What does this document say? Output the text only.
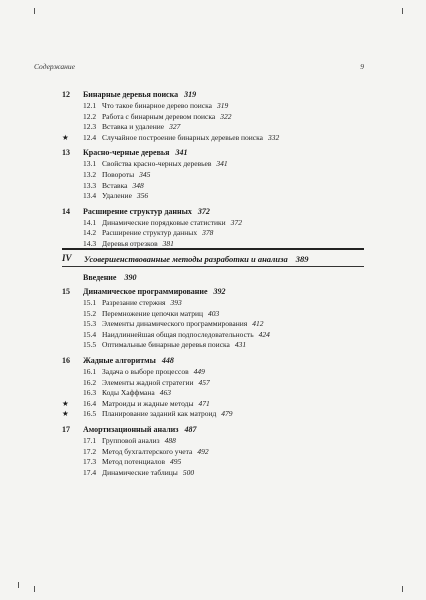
Содержание	9
12 Бинарные деревья поиска 319
12.1 Что такое бинарное дерево поиска 319
12.2 Работа с бинарным деревом поиска 322
12.3 Вставка и удаление 327
★ 12.4 Случайное построение бинарных деревьев поиска 332
13 Красно-черные деревья 341
13.1 Свойства красно-черных деревьев 341
13.2 Повороты 345
13.3 Вставка 348
13.4 Удаление 356
14 Расширение структур данных 372
14.1 Динамические порядковые статистики 372
14.2 Расширение структур данных 378
14.3 Деревья отрезков 381
IV Усовершенствованные методы разработки и анализа 389
Введение 390
15 Динамическое программирование 392
15.1 Разрезание стержня 393
15.2 Перемножение цепочки матриц 403
15.3 Элементы динамического программирования 412
15.4 Наидлиннейшая общая подпоследовательность 424
15.5 Оптимальные бинарные деревья поиска 431
16 Жадные алгоритмы 448
16.1 Задача о выборе процессов 449
16.2 Элементы жадной стратегии 457
16.3 Коды Хаффмана 463
★ 16.4 Матроиды и жадные методы 471
★ 16.5 Планирование заданий как матроид 479
17 Амортизационный анализ 487
17.1 Групповой анализ 488
17.2 Метод бухгалтерского учета 492
17.3 Метод потенциалов 495
17.4 Динамические таблицы 500
